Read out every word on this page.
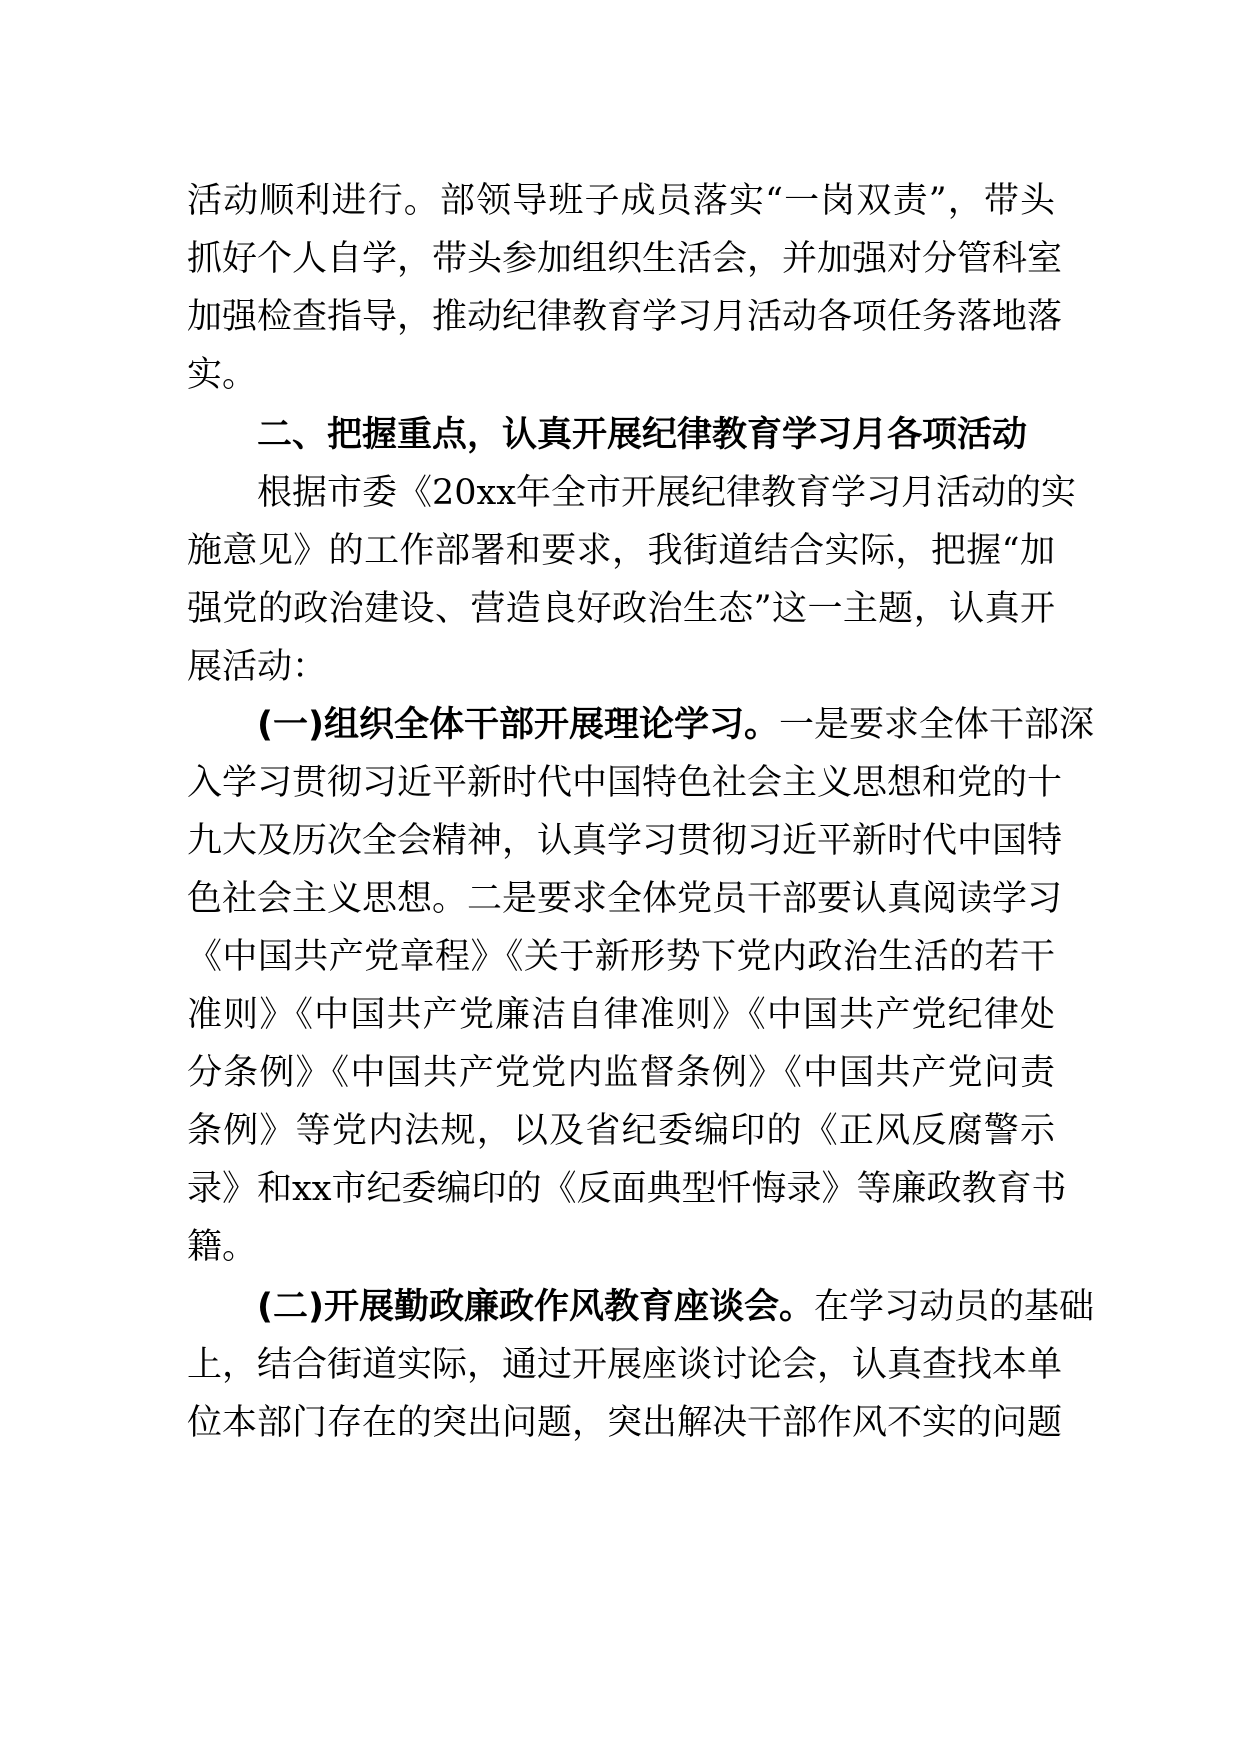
活动顺利进行。部领导班子成员落实“一岗双责”，带头
抓好个人自学，带头参加组织生活会，并加强对分管科室
加强检查指导，推动纪律教育学习月活动各项任务落地落
实。
二、把握重点，认真开展纪律教育学习月各项活动
根据市委《20xx年全市开展纪律教育学习月活动的实
施意见》的工作部署和要求，我街道结合实际，把握“加
强党的政治建设、营造良好政治生态”这一主题，认真开
展活动：
(一)组织全体干部开展理论学习。一是要求全体干部深
入学习贯彻习近平新时代中国特色社会主义思想和党的十
九大及历次全会精神，认真学习贯彻习近平新时代中国特
色社会主义思想。二是要求全体党员干部要认真阅读学习
《中国共产党章程》《关于新形势下党内政治生活的若干
准则》《中国共产党廉洁自律准则》《中国共产党纪律处
分条例》《中国共产党党内监督条例》《中国共产党问责
条例》等党内法规，以及省纪委编印的《正风反腐警示
录》和xx市纪委编印的《反面典型忏悔录》等廉政教育书
籍。
(二)开展勤政廉政作风教育座谈会。在学习动员的基础
上，结合街道实际，通过开展座谈讨论会，认真查找本单
位本部门存在的突出问题，突出解决干部作风不实的问题
